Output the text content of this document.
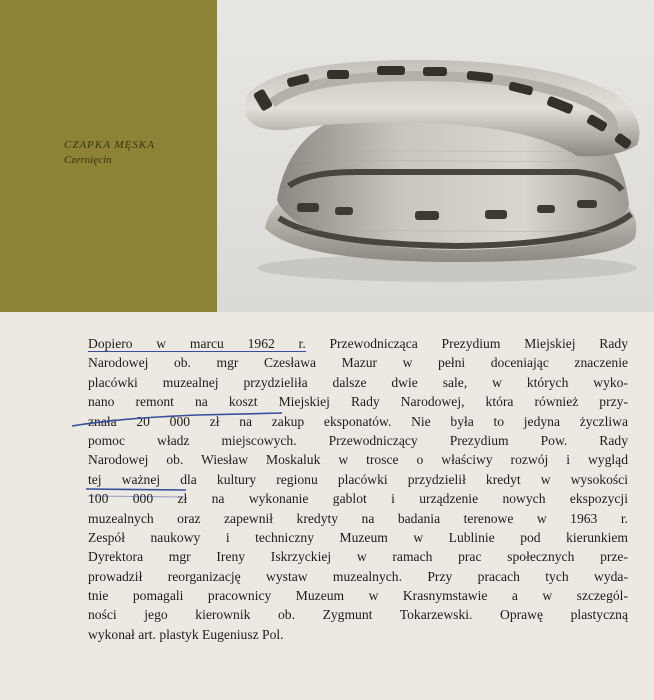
CZAPKA MĘSKA
Czernięcin
Dopiero w marcu 1962 r. Przewodnicząca Prezydium Miejskiej Rady
Narodowej ob. mgr Czesława Mazur w pełni doceniając znaczenie
placówki muzealnej przydzieliła dalsze dwie sale, w których wyko-
nano remont na koszt Miejskiej Rady Narodowej, która również przy-
znała 20 000 zł na zakup eksponatów. Nie była to jedyna życzliwa
pomoc władz miejscowych. Przewodniczący Prezydium Pow. Rady
Narodowej ob. Wiesław Moskaluk w trosce o właściwy rozwój i wygląd
tej ważnej dla kultury regionu placówki przydzielił kredyt w wysokości
100 000 zł na wykonanie gablot i urządzenie nowych ekspozycji
muzealnych oraz zapewnił kredyty na badania terenowe w 1963 r.
Zespół naukowy i techniczny Muzeum w Lublinie pod kierunkiem
Dyrektora mgr Ireny Iskrzyckiej w ramach prac społecznych prze-
prowadził reorganizację wystaw muzealnych. Przy pracach tych wyda-
tnie pomagali pracownicy Muzeum w Krasnymstawie a w szczegól-
ności jego kierownik ob. Zygmunt Tokarzewski. Oprawę plastyczną
wykonał art. plastyk Eugeniusz Pol.
